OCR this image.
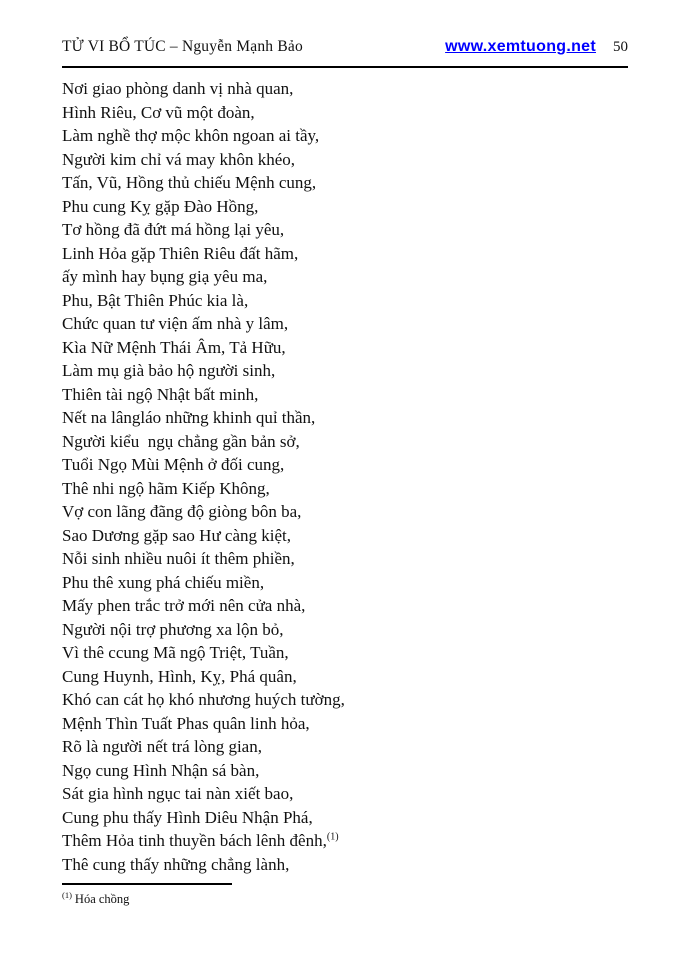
TỬ VI BỔ TÚC – Nguyễn Mạnh Bảo	www.xemtuong.net 50
Nơi giao phòng danh vị nhà quan,
Hình Riêu, Cơ vũ một đoàn,
Làm nghề thợ mộc khôn ngoan ai tầy,
Người kim chỉ vá may khôn khéo,
Tấn, Vũ, Hồng thủ chiếu Mệnh cung,
Phu cung Kỵ gặp Đào Hồng,
Tơ hồng đã đứt má hồng lại yêu,
Linh Hỏa gặp Thiên Riêu đất hãm,
ấy mình hay bụng giạ yêu ma,
Phu, Bật Thiên Phúc kia là,
Chức quan tư viện ấm nhà y lâm,
Kìa Nữ Mệnh Thái Âm, Tả Hữu,
Làm mụ già bảo hộ người sinh,
Thiên tài ngộ Nhật bất minh,
Nết na lângláo những khinh quỉ thần,
Người kiểu  ngụ chẳng gần bản sở,
Tuổi Ngọ Mùi Mệnh ở đối cung,
Thê nhi ngộ hãm Kiếp Không,
Vợ con lãng đãng độ giòng bôn ba,
Sao Dương gặp sao Hư càng kiệt,
Nỗi sinh nhiều nuôi ít thêm phiền,
Phu thê xung phá chiếu miền,
Mấy phen trắc trở mới nên cửa nhà,
Người nội trợ phương xa lộn bỏ,
Vì thê ccung Mã ngộ Triệt, Tuần,
Cung Huynh, Hình, Kỵ, Phá quân,
Khó can cát họ khó nhương huých tường,
Mệnh Thìn Tuất Phas quân linh hỏa,
Rõ là người nết trá lòng gian,
Ngọ cung Hình Nhận sá bàn,
Sát gia hình ngục tai nàn xiết bao,
Cung phu thấy Hình Diêu Nhận Phá,
Thêm Hỏa tinh thuyền bách lênh đênh,$^{(1)}$
Thê cung thấy những chẳng lành,
$^{(1)}$ Hóa chồng
